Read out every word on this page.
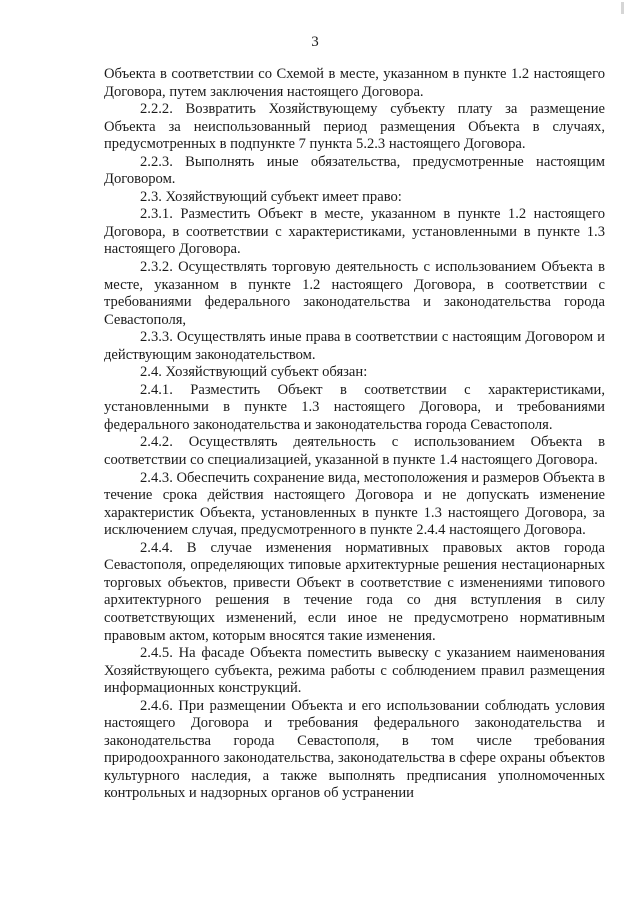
3

Объекта в соответствии со Схемой в месте, указанном в пункте 1.2 настоящего Договора, путем заключения настоящего Договора.

2.2.2. Возвратить Хозяйствующему субъекту плату за размещение Объекта за неиспользованный период размещения Объекта в случаях, предусмотренных в подпункте 7 пункта 5.2.3 настоящего Договора.

2.2.3. Выполнять иные обязательства, предусмотренные настоящим Договором.

2.3. Хозяйствующий субъект имеет право:

2.3.1. Разместить Объект в месте, указанном в пункте 1.2 настоящего Договора, в соответствии с характеристиками, установленными в пункте 1.3 настоящего Договора.

2.3.2. Осуществлять торговую деятельность с использованием Объекта в месте, указанном в пункте 1.2 настоящего Договора, в соответствии с требованиями федерального законодательства и законодательства города Севастополя,

2.3.3. Осуществлять иные права в соответствии с настоящим Договором и действующим законодательством.

2.4. Хозяйствующий субъект обязан:

2.4.1. Разместить Объект в соответствии с характеристиками, установленными в пункте 1.3 настоящего Договора, и требованиями федерального законодательства и законодательства города Севастополя.

2.4.2. Осуществлять деятельность с использованием Объекта в соответствии со специализацией, указанной в пункте 1.4 настоящего Договора.

2.4.3. Обеспечить сохранение вида, местоположения и размеров Объекта в течение срока действия настоящего Договора и не допускать изменение характеристик Объекта, установленных в пункте 1.3 настоящего Договора, за исключением случая, предусмотренного в пункте 2.4.4 настоящего Договора.

2.4.4. В случае изменения нормативных правовых актов города Севастополя, определяющих типовые архитектурные решения нестационарных торговых объектов, привести Объект в соответствие с изменениями типового архитектурного решения в течение года со дня вступления в силу соответствующих изменений, если иное не предусмотрено нормативным правовым актом, которым вносятся такие изменения.

2.4.5. На фасаде Объекта поместить вывеску с указанием наименования Хозяйствующего субъекта, режима работы с соблюдением правил размещения информационных конструкций.

2.4.6. При размещении Объекта и его использовании соблюдать условия настоящего Договора и требования федерального законодательства и законодательства города Севастополя, в том числе требования природоохранного законодательства, законодательства в сфере охраны объектов культурного наследия, а также выполнять предписания уполномоченных контрольных и надзорных органов об устранении
